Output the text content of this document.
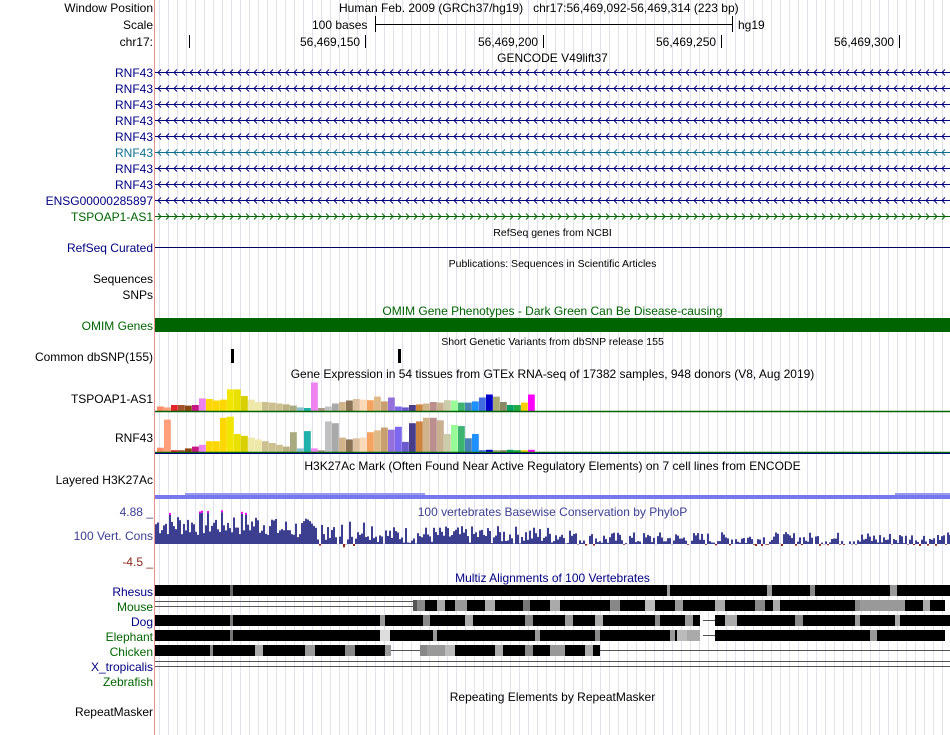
Window Position
Scale
chr17:
RNF43
RNF43
RNF43
RNF43
RNF43
RNF43
RNF43
RNF43
ENSG00000285897
TSPOAP1-AS1
RefSeq Curated
Sequences
SNPs
OMIM Genes
Common dbSNP(155)
TSPOAP1-AS1
RNF43
Layered H3K27Ac
4.88 _
100 Vert. Cons
-4.5 _
Rhesus
Mouse
Dog
Elephant
Chicken
X_tropicalis
Zebrafish
RepeatMasker
Human Feb. 2009 (GRCh37/hg19) chr17:56,469,092-56,469,314 (223 bp)
100 bases	hg19
56,469,150	56,469,200	56,469,250	56,469,300
GENCODE V49lift37
RefSeq genes from NCBI
Publications: Sequences in Scientific Articles
OMIM Gene Phenotypes - Dark Green Can Be Disease-causing
Short Genetic Variants from dbSNP release 155
Gene Expression in 54 tissues from GTEx RNA-seq of 17382 samples, 948 donors (V8, Aug 2019)
H3K27Ac Mark (Often Found Near Active Regulatory Elements) on 7 cell lines from ENCODE
100 vertebrates Basewise Conservation by PhyloP
Multiz Alignments of 100 Vertebrates
Repeating Elements by RepeatMasker
